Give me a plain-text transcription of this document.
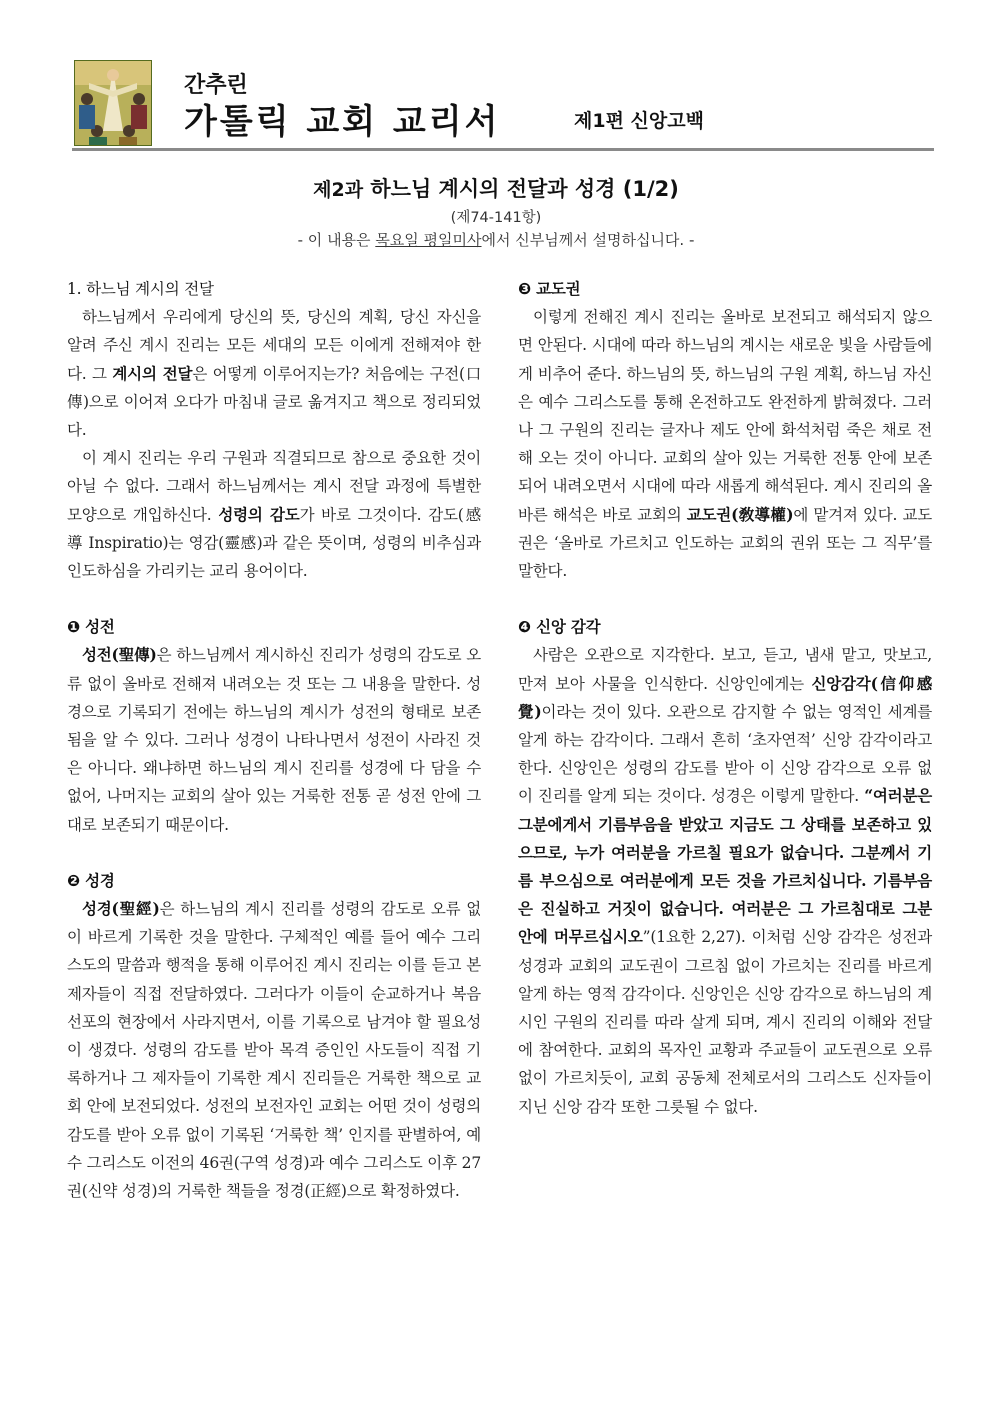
간추린
가톨릭 교회 교리서	제1편 신앙고백
제2과 하느님 계시의 전달과 성경 (1/2)
(제74-141항)
- 이 내용은 목요일 평일미사에서 신부님께서 설명하십니다. -

1. 하느님 계시의 전달

하느님께서 우리에게 당신의 뜻, 당신의 계획, 당신 자신을 알려 주신 계시 진리는 모든 세대의 모든 이에게 전해져야 한다. 그 계시의 전달은 어떻게 이루어지는가? 처음에는 구전(口傳)으로 이어져 오다가 마침내 글로 옮겨지고 책으로 정리되었다.

이 계시 진리는 우리 구원과 직결되므로 참으로 중요한 것이 아닐 수 없다. 그래서 하느님께서는 계시 전달 과정에 특별한 모양으로 개입하신다. 성령의 감도가 바로 그것이다. 감도(感導 Inspiratio)는 영감(靈感)과 같은 뜻이며, 성령의 비추심과 인도하심을 가리키는 교리 용어이다.

❶ 성전

성전(聖傳)은 하느님께서 계시하신 진리가 성령의 감도로 오류 없이 올바로 전해져 내려오는 것 또는 그 내용을 말한다. 성경으로 기록되기 전에는 하느님의 계시가 성전의 형태로 보존됨을 알 수 있다. 그러나 성경이 나타나면서 성전이 사라진 것은 아니다. 왜냐하면 하느님의 계시 진리를 성경에 다 담을 수 없어, 나머지는 교회의 살아 있는 거룩한 전통 곧 성전 안에 그대로 보존되기 때문이다.

❷ 성경

성경(聖經)은 하느님의 계시 진리를 성령의 감도로 오류 없이 바르게 기록한 것을 말한다. 구체적인 예를 들어 예수 그리스도의 말씀과 행적을 통해 이루어진 계시 진리는 이를 듣고 본 제자들이 직접 전달하였다. 그러다가 이들이 순교하거나 복음 선포의 현장에서 사라지면서, 이를 기록으로 남겨야 할 필요성이 생겼다. 성령의 감도를 받아 목격 증인인 사도들이 직접 기록하거나 그 제자들이 기록한 계시 진리들은 거룩한 책으로 교회 안에 보전되었다. 성전의 보전자인 교회는 어떤 것이 성령의 감도를 받아 오류 없이 기록된 ‘거룩한 책’ 인지를 판별하여, 예수 그리스도 이전의 46권(구역 성경)과 예수 그리스도 이후 27권(신약 성경)의 거룩한 책들을 정경(正經)으로 확정하였다.

❸ 교도권

이렇게 전해진 계시 진리는 올바로 보전되고 해석되지 않으면 안된다. 시대에 따라 하느님의 계시는 새로운 빛을 사람들에게 비추어 준다. 하느님의 뜻, 하느님의 구원 계획, 하느님 자신은 예수 그리스도를 통해 온전하고도 완전하게 밝혀졌다. 그러나 그 구원의 진리는 글자나 제도 안에 화석처럼 죽은 채로 전해 오는 것이 아니다. 교회의 살아 있는 거룩한 전통 안에 보존되어 내려오면서 시대에 따라 새롭게 해석된다. 계시 진리의 올바른 해석은 바로 교회의 교도권(敎導權)에 맡겨져 있다. 교도권은 ‘올바로 가르치고 인도하는 교회의 권위 또는 그 직무’를 말한다.

❹ 신앙 감각

사람은 오관으로 지각한다. 보고, 듣고, 냄새 맡고, 맛보고, 만져 보아 사물을 인식한다. 신앙인에게는 신앙감각(信仰感覺)이라는 것이 있다. 오관으로 감지할 수 없는 영적인 세계를 알게 하는 감각이다. 그래서 흔히 ‘초자연적’ 신앙 감각이라고 한다. 신앙인은 성령의 감도를 받아 이 신앙 감각으로 오류 없이 진리를 알게 되는 것이다. 성경은 이렇게 말한다. “여러분은 그분에게서 기름부음을 받았고 지금도 그 상태를 보존하고 있으므로, 누가 여러분을 가르칠 필요가 없습니다. 그분께서 기름 부으심으로 여러분에게 모든 것을 가르치십니다. 기름부음은 진실하고 거짓이 없습니다. 여러분은 그 가르침대로 그분 안에 머무르십시오”(1요한 2,27). 이처럼 신앙 감각은 성전과 성경과 교회의 교도권이 그르침 없이 가르치는 진리를 바르게 알게 하는 영적 감각이다. 신앙인은 신앙 감각으로 하느님의 계시인 구원의 진리를 따라 살게 되며, 계시 진리의 이해와 전달에 참여한다. 교회의 목자인 교황과 주교들이 교도권으로 오류 없이 가르치듯이, 교회 공동체 전체로서의 그리스도 신자들이 지닌 신앙 감각 또한 그릇될 수 없다.
